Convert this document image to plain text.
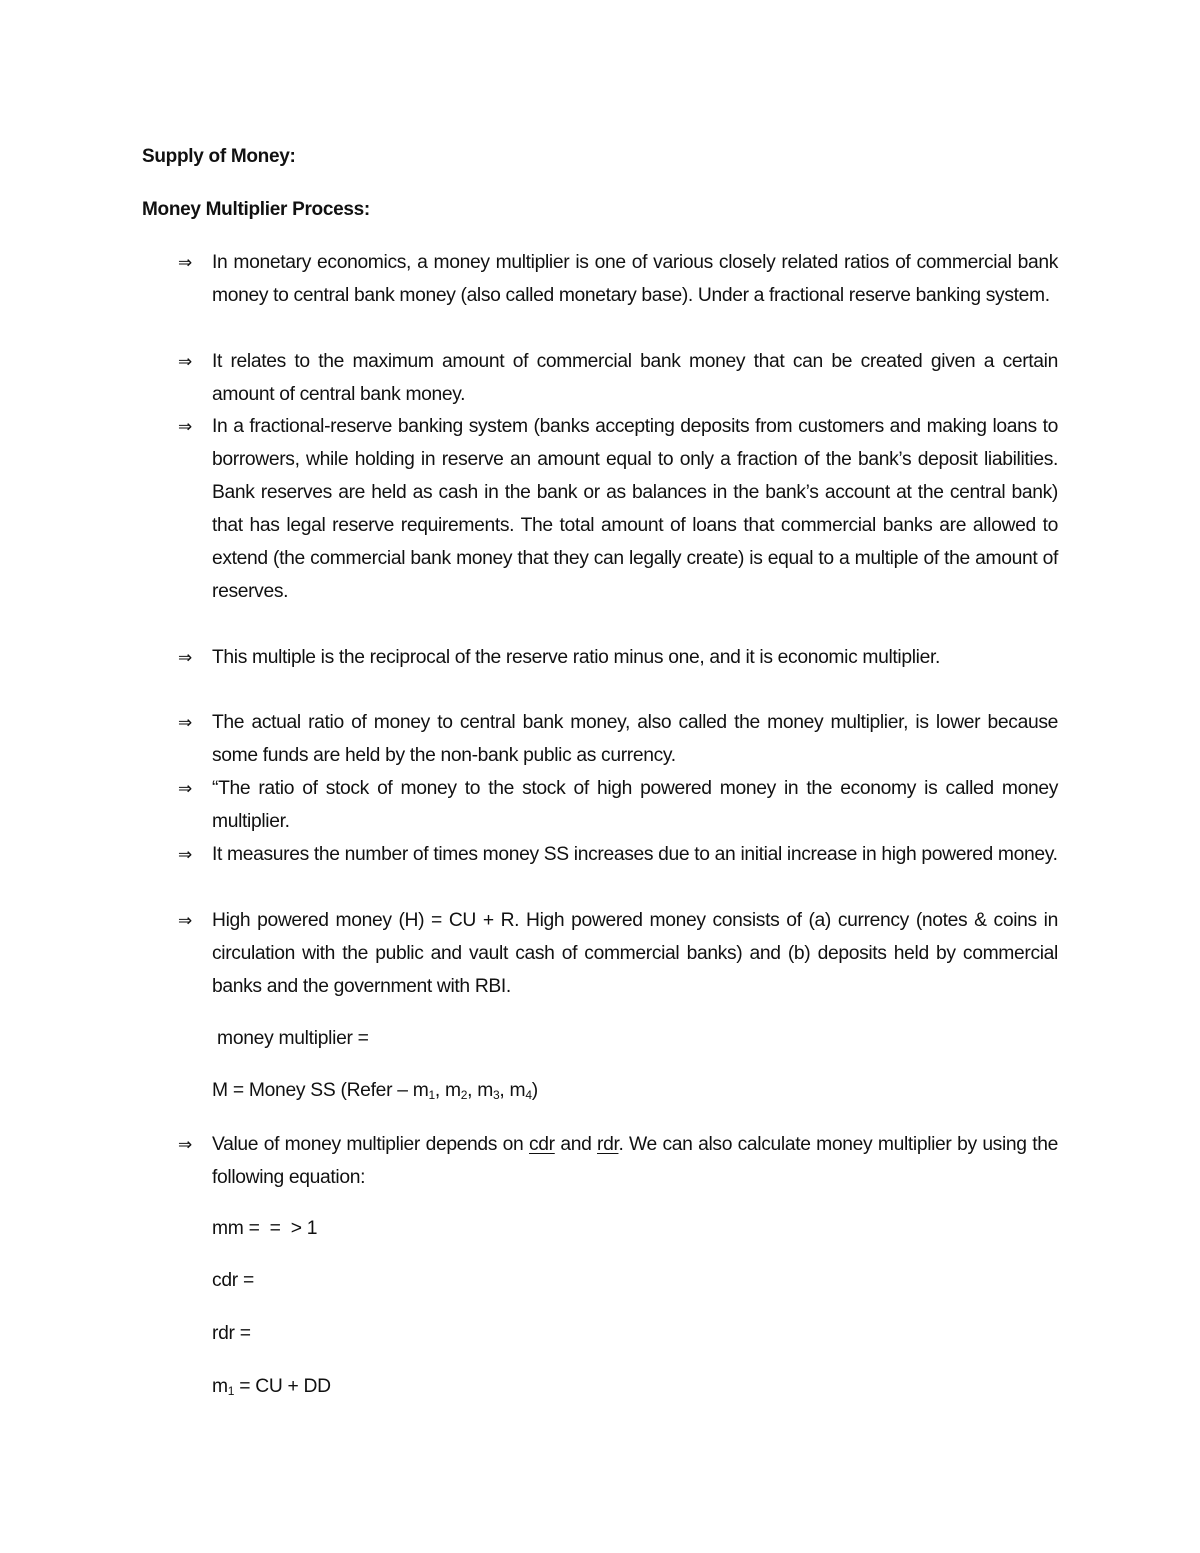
Supply of Money:
Money Multiplier Process:
⇒ In monetary economics, a money multiplier is one of various closely related ratios of commercial bank money to central bank money (also called monetary base). Under a fractional reserve banking system.
⇒ It relates to the maximum amount of commercial bank money that can be created given a certain amount of central bank money.
⇒ In a fractional-reserve banking system (banks accepting deposits from customers and making loans to borrowers, while holding in reserve an amount equal to only a fraction of the bank’s deposit liabilities. Bank reserves are held as cash in the bank or as balances in the bank’s account at the central bank) that has legal reserve requirements. The total amount of loans that commercial banks are allowed to extend (the commercial bank money that they can legally create) is equal to a multiple of the amount of reserves.
⇒ This multiple is the reciprocal of the reserve ratio minus one, and it is economic multiplier.
⇒ The actual ratio of money to central bank money, also called the money multiplier, is lower because some funds are held by the non-bank public as currency.
⇒ “The ratio of stock of money to the stock of high powered money in the economy is called money multiplier.
⇒ It measures the number of times money SS increases due to an initial increase in high powered money.
⇒ High powered money (H) = CU + R. High powered money consists of (a) currency (notes & coins in circulation with the public and vault cash of commercial banks) and (b) deposits held by commercial banks and the government with RBI.
money multiplier =
M = Money SS (Refer – $m_1$, $m_2$, $m_3$, $m_4$)
⇒ Value of money multiplier depends on cdr and rdr. We can also calculate money multiplier by using the following equation:
mm =  =  > 1
cdr =
rdr =
$m_1$ = CU + DD
